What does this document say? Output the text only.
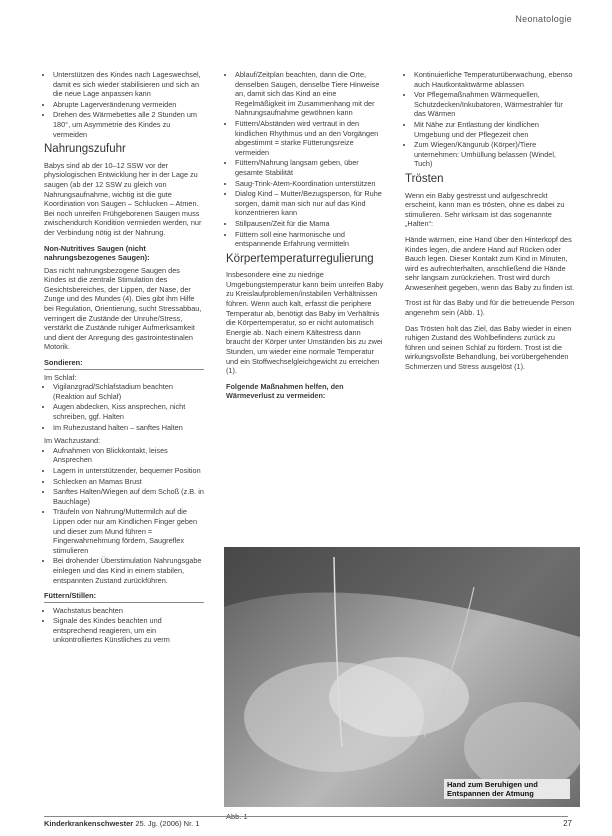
Neonatologie
• Unterstützen des Kindes nach Lageswechsel, damit es sich wieder stabilisieren und sich an die neue Lage anpassen kann
• Abrupte Lagerveränderung vermeiden
• Drehen des Wärmebettes alle 2 Stunden um 180°, um Asymmetrie des Kindes zu vermeiden
Nahrungszufuhr

Babys sind ab der 10–12 SSW vor der physiologischen Entwicklung her in der Lage zu saugen (ab der 12 SSW zu gleich von Nahrungsaufnahme, wichtig ist die gute Koordination von Saugen – Schlucken – Atmen. Bei noch unreifen Frühgeborenen Saugen muss zwischendurch Kondition vermieden werden, nur der Verbindung nötig ist der Nahrung.

Non-Nutritives Saugen (nicht nahrungsbezogenes Saugen):

Das nicht nahrungsbezogene Saugen des Kindes ist die zentrale Stimulation des Gesichtsbereiches, der Lippen, der Nase, der Zunge und des Mundes (4). Dies gibt ihm Hilfe bei Regulation, Orientierung, sucht Stressabbau, verringert die Zustände der Unruhe/Stress, verstärkt die Zustände ruhiger Aufmerksamkeit und dient der Anregung des gastrointestinalen Motorik.

Sondieren:
Im Schlaf:
• Vigilanzgrad/Schlafstadium beachten (Reaktion auf Schlaf)
• Augen abdecken, Kiss ansprechen, nicht schreiben, ggf. Halten
• Im Ruhezustand halten – sanftes Halten
Im Wachzustand:
• Aufnahmen von Blickkontakt, leises Ansprechen
• Lagern in unterstützender, bequemer Position
• Schlecken an Mamas Brust
• Sanftes Halten/Wiegen auf dem Schoß (z.B. in Bauchlage)
• Träufeln von Nahrung/Muttermilch auf die Lippen oder nur am Kindlichen Finger geben und dieser zum Mund führen = Fingerwahrnehmung fördern, Saugreflex stimulieren
• Bei drohender Überstimulation Nahrungsgabe einlegen und das Kind in einem stabilen, entspannten Zustand zurückführen.
Füttern/Stillen:
• Wachstatus beachten
• Signale des Kindes beachten und entsprechend reagieren, um ein unkontrolliertes Künstliches zu verm
• Ablauf/Zeitplan beachten, dann die Orte, denselben Saugen, denselbe Tiere Hinweise an, damit sich das Kind an eine Regelmäßigkeit im Zusammenhang mit der Nahrungsaufnahme gewöhnen kann
• Füttern/Abständen wird vertraut in den kindlichen Rhythmus und an den Vorgängen abgestimmt = starke Fütterungsreize vermeiden
• Füttern/Nahrung langsam geben, über gesamte Stabilität
• Saug-Trink-Atem-Koordination unterstützen
• Dialog Kind – Mutter/Bezugsperson, für Ruhe sorgen, damit man sich nur auf das Kind konzentrieren kann
• Stillpausen/Zeit für die Mama
• Füttern soll eine harmonische und entspannende Erfahrung vermitteln
Körpertemperaturregulierung

Insbesondere eine zu niedrige Umgebungstemperatur kann beim unreifen Baby zu Kreislaufproblemen/instabilen Verhältnissen führen. Wenn auch kalt, erfasst die periphere Temperatur ab, benötigt das Baby im Verhältnis die Körpertemperatur, so er nicht automatisch Energie ab. Nach einem Kältestress dann braucht der Körper unter Umständen bis zu zwei Stunden, um wieder eine normale Temperatur und ein Stoffwechselgleichgewicht zu erreichen (1).

Folgende Maßnahmen helfen, den Wärmeverlust zu vermeiden:

• Kontinuierliche Temperaturüberwachung, ebenso auch Hautkontaktwärme ablassen
• Vor Pflegemaßnahmen Wärmequellen, Schutzdecken/Inkubatoren, Wärmestrahler für das Wärmen
• Mit Nähe zur Entlastung der kindlichen Umgebung und der Pflegezeit chen
• Zum Wiegen/Kängurub (Körper)/Tiere unternehmen: Umhüllung belassen (Windel, Tuch)
Trösten

Wenn ein Baby gestresst und aufgeschreckt erscheint, kann man es trösten, ohne es dabei zu stimulieren. Sehr wirksam ist das sogenannte „Halten“:

Hände wärmen, eine Hand über den Hinterkopf des Kindes legen, die andere Hand auf Rücken oder Bauch legen. Dieser Kontakt zum Kind in Minuten, wird es aufrechterhalten, anschließend die Hände sehr langsam zurückziehen. Trost wird durch Anwesenheit gegeben, wenn das Baby zu finden ist.

Trost ist für das Baby und für die betreuende Person angenehm sein (Abb. 1).

Das Trösten holt das Ziel, das Baby wieder in einen ruhigen Zustand des Wohlbefindens zurück zu führen und seinen Schlaf zu fördern. Trost ist die wirkungsvollste Behandlung, bei vorübergehenden Schmerzen und Stress ausgelöst (1).

Hand zum Beruhigen und Entspannen der Atmung
Abb. 1
Kinderkrankenschwester 25. Jg. (2006) Nr. 1	27
